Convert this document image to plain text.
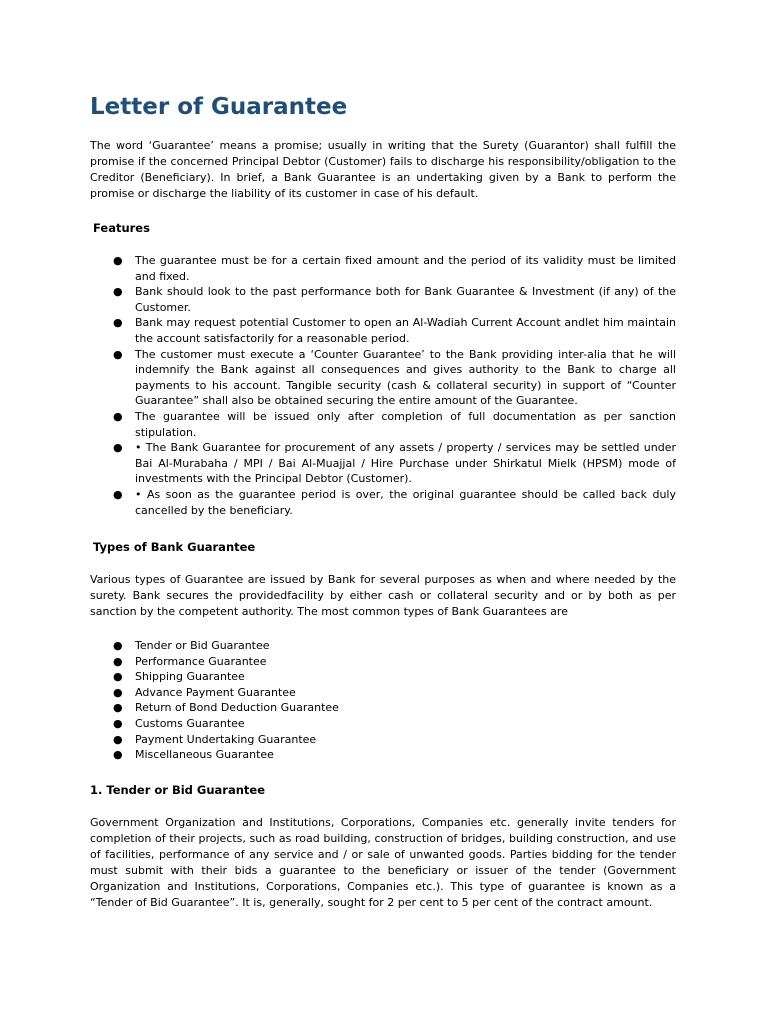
Letter of Guarantee

The word ‘Guarantee’ means a promise; usually in writing that the Surety (Guarantor) shall fulfill the promise if the concerned Principal Debtor (Customer) fails to discharge his responsibility/obligation to the Creditor (Beneficiary). In brief, a Bank Guarantee is an undertaking given by a Bank to perform the promise or discharge the liability of its customer in case of his default.

Features
● The guarantee must be for a certain fixed amount and the period of its validity must be limited and fixed.
● Bank should look to the past performance both for Bank Guarantee & Investment (if any) of the Customer.
● Bank may request potential Customer to open an Al-Wadiah Current Account andlet him maintain the account satisfactorily for a reasonable period.
● The customer must execute a ‘Counter Guarantee’ to the Bank providing inter-alia that he will indemnify the Bank against all consequences and gives authority to the Bank to charge all payments to his account. Tangible security (cash & collateral security) in support of “Counter Guarantee” shall also be obtained securing the entire amount of the Guarantee.
● The guarantee will be issued only after completion of full documentation as per sanction stipulation.
● • The Bank Guarantee for procurement of any assets / property / services may be settled under Bai Al-Murabaha / MPI / Bai Al-Muajjal / Hire Purchase under Shirkatul Mielk (HPSM) mode of investments with the Principal Debtor (Customer).
● • As soon as the guarantee period is over, the original guarantee should be called back duly cancelled by the beneficiary.
Types of Bank Guarantee

Various types of Guarantee are issued by Bank for several purposes as when and where needed by the surety. Bank secures the providedfacility by either cash or collateral security and or by both as per sanction by the competent authority. The most common types of Bank Guarantees are

● Tender or Bid Guarantee
● Performance Guarantee
● Shipping Guarantee
● Advance Payment Guarantee
● Return of Bond Deduction Guarantee
● Customs Guarantee
● Payment Undertaking Guarantee
● Miscellaneous Guarantee
1. Tender or Bid Guarantee

Government Organization and Institutions, Corporations, Companies etc. generally invite tenders for completion of their projects, such as road building, construction of bridges, building construction, and use of facilities, performance of any service and / or sale of unwanted goods. Parties bidding for the tender must submit with their bids a guarantee to the beneficiary or issuer of the tender (Government Organization and Institutions, Corporations, Companies etc.). This type of guarantee is known as a “Tender of Bid Guarantee”. It is, generally, sought for 2 per cent to 5 per cent of the contract amount.
